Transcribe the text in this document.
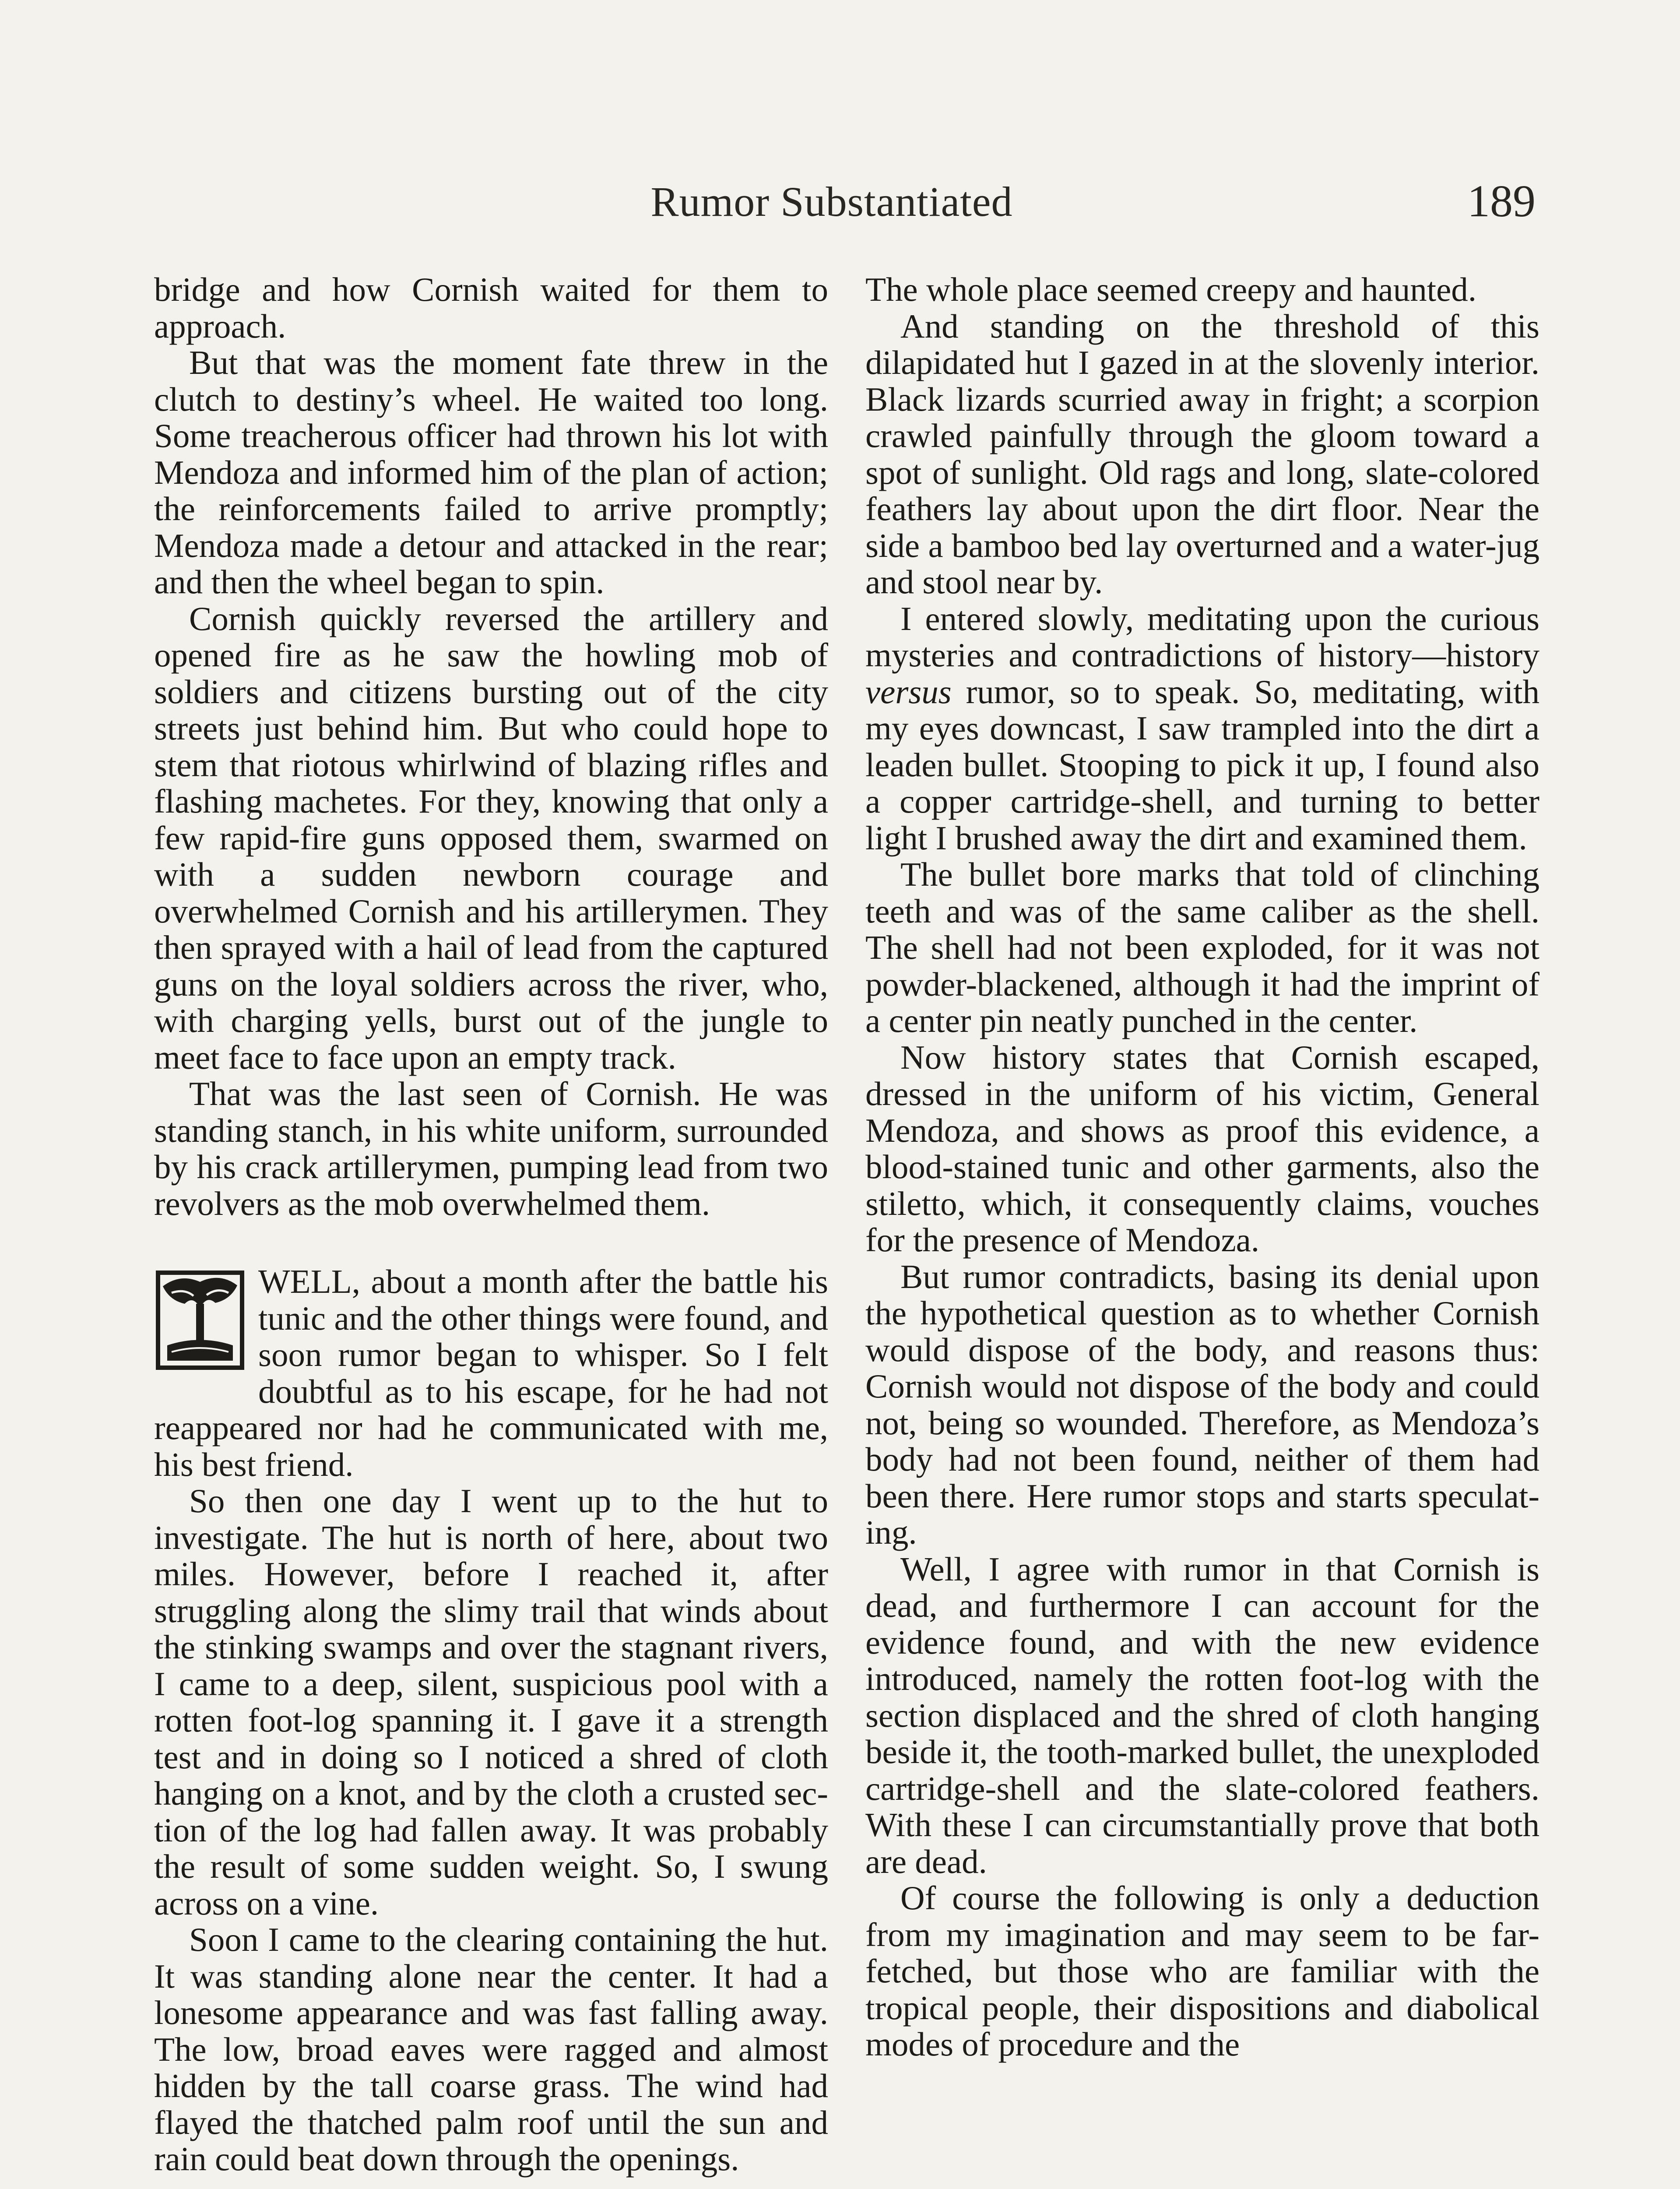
Rumor Substantiated	189

bridge and how Cornish waited for them to approach.

But that was the moment fate threw in the clutch to destiny’s wheel. He waited too long. Some treacherous officer had thrown his lot with Mendoza and informed him of the plan of action; the reinforcements failed to arrive promptly; Mendoza made a detour and attacked in the rear; and then the wheel began to spin.

Cornish quickly reversed the artillery and opened fire as he saw the howling mob of soldiers and citizens bursting out of the city streets just behind him. But who could hope to stem that riotous whirlwind of blazing rifles and flashing machetes. For they, knowing that only a few rapid-fire guns opposed them, swarmed on with a sudden newborn courage and overwhelmed Cornish and his artillerymen. They then sprayed with a hail of lead from the captured guns on the loyal soldiers across the river, who, with charging yells, burst out of the jungle to meet face to face upon an empty track.

That was the last seen of Cornish. He was standing stanch, in his white uniform, surrounded by his crack artillerymen, pumping lead from two revolvers as the mob overwhelmed them.

WELL, about a month after the battle his tunic and the other things were found, and soon rumor began to whisper. So I felt doubtful as to his escape, for he had not reappeared nor had he communicated with me, his best friend.

So then one day I went up to the hut to investigate. The hut is north of here, about two miles. However, before I reached it, after struggling along the slimy trail that winds about the stinking swamps and over the stagnant rivers, I came to a deep, silent, suspicious pool with a rotten foot-log spanning it. I gave it a strength test and in doing so I noticed a shred of cloth hanging on a knot, and by the cloth a crusted section of the log had fallen away. It was probably the result of some sudden weight. So, I swung across on a vine.

Soon I came to the clearing containing the hut. It was standing alone near the center. It had a lonesome appearance and was fast falling away. The low, broad eaves were ragged and almost hidden by the tall coarse grass. The wind had flayed the thatched palm roof until the sun and rain could beat down through the openings.

The whole place seemed creepy and haunted.

And standing on the threshold of this dilapidated hut I gazed in at the slovenly interior. Black lizards scurried away in fright; a scorpion crawled painfully through the gloom toward a spot of sunlight. Old rags and long, slate-colored feathers lay about upon the dirt floor. Near the side a bamboo bed lay overturned and a water-jug and stool near by.

I entered slowly, meditating upon the curious mysteries and contradictions of history—history versus rumor, so to speak. So, meditating, with my eyes downcast, I saw trampled into the dirt a leaden bullet. Stooping to pick it up, I found also a copper cartridge-shell, and turning to better light I brushed away the dirt and examined them.

The bullet bore marks that told of clinching teeth and was of the same caliber as the shell. The shell had not been exploded, for it was not powder-blackened, although it had the imprint of a center pin neatly punched in the center.

Now history states that Cornish escaped, dressed in the uniform of his victim, General Mendoza, and shows as proof this evidence, a blood-stained tunic and other garments, also the stiletto, which, it consequently claims, vouches for the presence of Mendoza.

But rumor contradicts, basing its denial upon the hypothetical question as to whether Cornish would dispose of the body, and reasons thus: Cornish would not dispose of the body and could not, being so wounded. Therefore, as Mendoza’s body had not been found, neither of them had been there. Here rumor stops and starts speculating.

Well, I agree with rumor in that Cornish is dead, and furthermore I can account for the evidence found, and with the new evidence introduced, namely the rotten foot-log with the section displaced and the shred of cloth hanging beside it, the tooth-marked bullet, the unexploded cartridge-shell and the slate-colored feathers. With these I can circumstantially prove that both are dead.

Of course the following is only a deduction from my imagination and may seem to be far-fetched, but those who are familiar with the tropical people, their dispositions and diabolical modes of procedure and the
